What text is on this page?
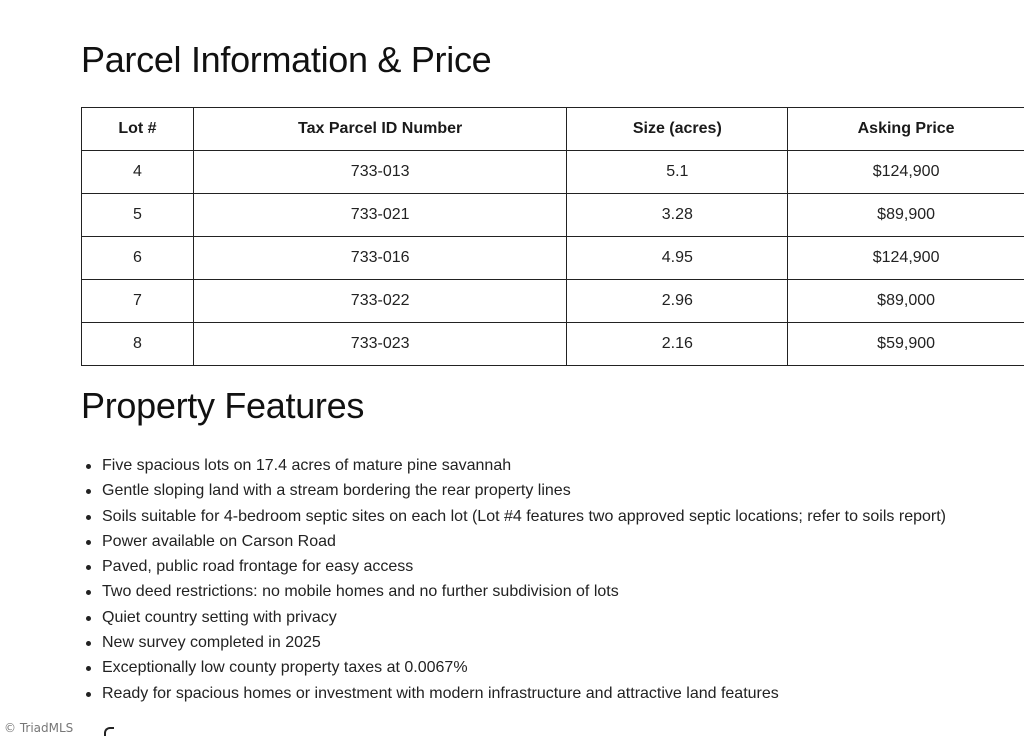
Parcel Information & Price
Lot #	Tax Parcel ID Number	Size (acres)	Asking Price
4	733-013	5.1	$124,900
5	733-021	3.28	$89,900
6	733-016	4.95	$124,900
7	733-022	2.96	$89,000
8	733-023	2.16	$59,900
Property Features
Five spacious lots on 17.4 acres of mature pine savannah
Gentle sloping land with a stream bordering the rear property lines
Soils suitable for 4-bedroom septic sites on each lot (Lot #4 features two approved septic locations; refer to soils report)
Power available on Carson Road
Paved, public road frontage for easy access
Two deed restrictions: no mobile homes and no further subdivision of lots
Quiet country setting with privacy
New survey completed in 2025
Exceptionally low county property taxes at 0.0067%
Ready for spacious homes or investment with modern infrastructure and attractive land features
© TriadMLS
